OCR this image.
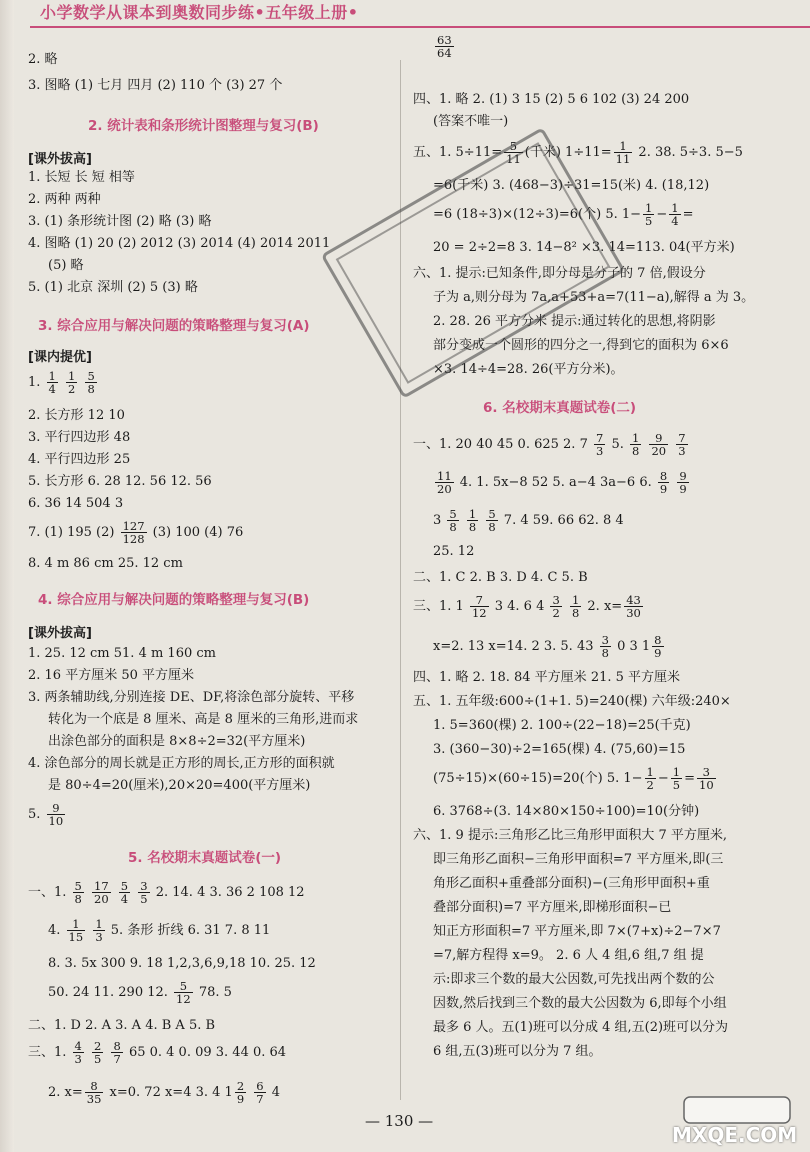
小学数学从课本到奥数同步练•五年级上册•
2. 略
3. 图略 (1) 七月 四月 (2) 110 个 (3) 27 个
2. 统计表和条形统计图整理与复习(B)
[课外拔高]
1. 长短 长 短 相等
2. 两种 两种
3. (1) 条形统计图 (2) 略 (3) 略
4. 图略 (1) 20 (2) 2012 (3) 2014 (4) 2014 2011
(5) 略
5. (1) 北京 深圳 (2) 5 (3) 略
3. 综合应用与解决问题的策略整理与复习(A)
[课内提优]
1. $\frac{1}{4}$
$\frac{1}{2}$
$\frac{5}{8}$
2. 长方形 12 10
3. 平行四边形 48
4. 平行四边形 25
5. 长方形 6. 28 12. 56 12. 56
6. 36 14 504 3
7. (1) 195 $(2) \frac{127}{128} (3)$ 100 (4) 76
8. 4 m 86 cm 25. 12 cm
4. 综合应用与解决问题的策略整理与复习(B)
[课外拔高]
1. 25. 12 cm 51. 4 m 160 cm
2. 16 平方厘米 50 平方厘米
3. 两条辅助线,分别连接 DE、DF,将涂色部分旋转、平移
转化为一个底是 8 厘米、高是 8 厘米的三角形,进而求
出涂色部分的面积是 8×8÷2=32(平方厘米)
4. 涂色部分的周长就是正方形的周长,正方形的面积就
是 80÷4=20(厘米),20×20=400(平方厘米)
5. $\frac{9}{10}$
5. 名校期末真题试卷(一)
一、1. $\frac{5}{8}$
$\frac{17}{20}$
$\frac{5}{4}$
$\frac{3}{5} 2$. 14. 4 3. 36 2 108 12
4. $\frac{1}{15}$
$\frac{1}{3} 5$. 条形 折线 6. 31 7. 8 11
8. 3. 5x 300 9. 18 1,2,3,6,9,18 10. 25. 12
50. 24 11. 290 12. $\frac{5}{12} 78$. 5
二、1. D 2. A 3. A 4. B A 5. B
三、1. $\frac{4}{3}$
$\frac{2}{5}$
$\frac{8}{7} 65$ 0. 4 0. 09 3. 44 0. 64
2. $x= \frac{8}{35} x=0$. 72 x=4 3. 4 $1 \frac{2}{9}$
$\frac{6}{7} 4$
$\frac{63}{64}$
四、1. 略 2. (1) 3 15 (2) 5 6 102 (3) 24 200
(答案不唯一)
五、1. $5\div 11= \frac{5}{11}$ (千米) $1\div 11= \frac{1}{11} 2$. 38. 5÷3. 5−5
=6(千米) 3. (468−3)÷31=15(米) 4. (18,12)
=6 (18÷3)×(12÷3)=6(个) 5. $1- \frac{1}{5} - \frac{1}{4}$ =
20 = 2÷2=8 3. 14−8² ×3. 14=113. 04(平方米)
六、1. 提示:已知条件,即分母是分子的 7 倍,假设分
子为 a,则分母为 7a,a+53+a=7(11−a),解得 a 为 3。
2. 28. 26 平方分米 提示:通过转化的思想,将阴影
部分变成一个圆形的四分之一,得到它的面积为 6×6
×3. 14÷4=28. 26(平方分米)。
6. 名校期末真题试卷(二)
一、1. 20 40 45 0. 625 2. $7 \frac{7}{3} 5$. $\frac{1}{8}$
$\frac{9}{20}$
$\frac{7}{3}$
$\frac{11}{20} 4$. 1. 5x−8 52 5. a−4 3a−6 6. $\frac{8}{9}$
$\frac{9}{9}$
$3 \frac{5}{8}$
$\frac{1}{8}$
$\frac{5}{8} 7$. 4 59. 66 62. 8 4
25. 12
二、1. C 2. B 3. D 4. C 5. B
三、1. $1 \frac{7}{12} 3$ 4. 6 $4 \frac{3}{2}$
$\frac{1}{8} 2$. $x= \frac{43}{30}$
x=2. 13 x=14. 2 3. 5. $43 \frac{3}{8} 0$ 3 $1 \frac{8}{9}$
四、1. 略 2. 18. 84 平方厘米 21. 5 平方厘米
五、1. 五年级:600÷(1+1. 5)=240(棵) 六年级:240×
1. 5=360(棵) 2. 100÷(22−18)=25(千克)
3. (360−30)÷2=165(棵) 4. (75,60)=15
(75÷15)×(60÷15)=20(个) 5. $1- \frac{1}{2} - \frac{1}{5} = \frac{3}{10}$
6. 3768÷(3. 14×80×150÷100)=10(分钟)
六、1. 9 提示:三角形乙比三角形甲面积大 7 平方厘米,
即三角形乙面积−三角形甲面积=7 平方厘米,即(三
角形乙面积+重叠部分面积)−(三角形甲面积+重
叠部分面积)=7 平方厘米,即梯形面积−已
知正方形面积=7 平方厘米,即 7×(7+x)÷2−7×7
=7,解方程得 x=9。 2. 6 人 4 组,6 组,7 组 提
示:即求三个数的最大公因数,可先找出两个数的公
因数,然后找到三个数的最大公因数为 6,即每个小组
最多 6 人。五(1)班可以分成 4 组,五(2)班可以分为
6 组,五(3)班可以分为 7 组。
— 130 —
MXQE.COM
